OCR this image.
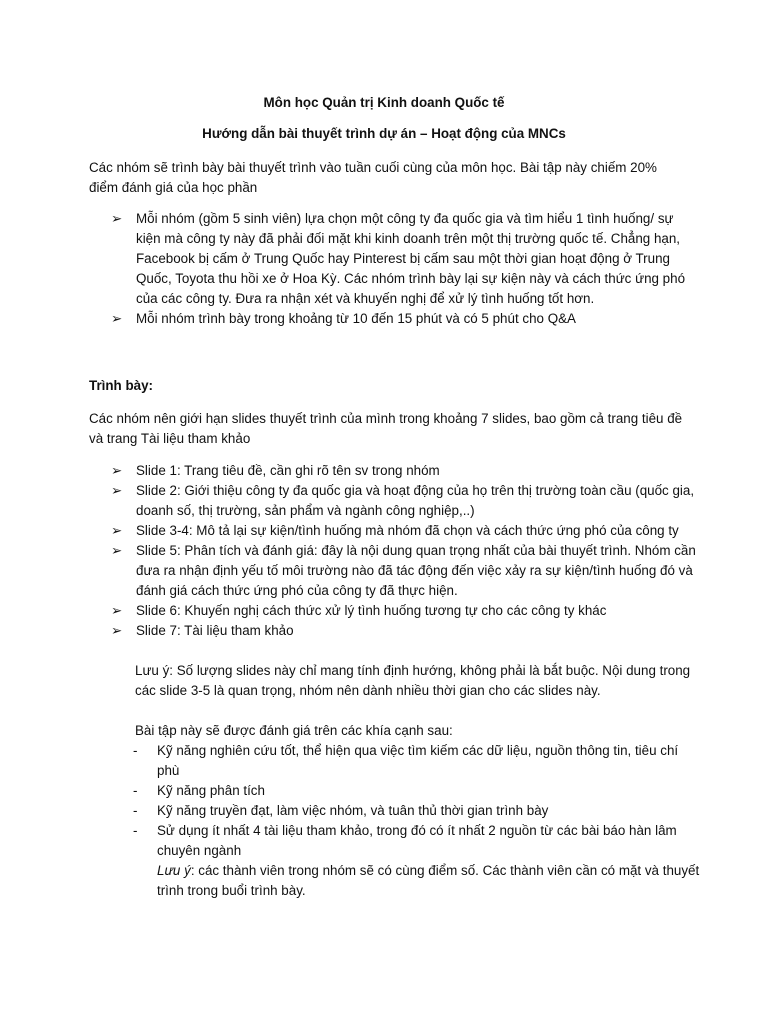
Môn học Quản trị Kinh doanh Quốc tế
Hướng dẫn bài thuyết trình dự án – Hoạt động của MNCs

Các nhóm sẽ trình bày bài thuyết trình vào tuần cuối cùng của môn học. Bài tập này chiếm 20% điểm đánh giá của học phần

➢ Mỗi nhóm (gồm 5 sinh viên) lựa chọn một công ty đa quốc gia và tìm hiểu 1 tình huống/ sự kiện mà công ty này đã phải đối mặt khi kinh doanh trên một thị trường quốc tế. Chẳng hạn, Facebook bị cấm ở Trung Quốc hay Pinterest bị cấm sau một thời gian hoạt động ở Trung Quốc, Toyota thu hồi xe ở Hoa Kỳ. Các nhóm trình bày lại sự kiện này và cách thức ứng phó của các công ty. Đưa ra nhận xét và khuyến nghị để xử lý tình huống tốt hơn.
➢ Mỗi nhóm trình bày trong khoảng từ 10 đến 15 phút và có 5 phút cho Q&A
Trình bày:

Các nhóm nên giới hạn slides thuyết trình của mình trong khoảng 7 slides, bao gồm cả trang tiêu đề và trang Tài liệu tham khảo

➢ Slide 1: Trang tiêu đề, cần ghi rõ tên sv trong nhóm
➢ Slide 2: Giới thiệu công ty đa quốc gia và hoạt động của họ trên thị trường toàn cầu (quốc gia, doanh số, thị trường, sản phẩm và ngành công nghiệp,..)
➢ Slide 3-4: Mô tả lại sự kiện/tình huống mà nhóm đã chọn và cách thức ứng phó của công ty
➢ Slide 5: Phân tích và đánh giá: đây là nội dung quan trọng nhất của bài thuyết trình. Nhóm cần đưa ra nhận định yếu tố môi trường nào đã tác động đến việc xảy ra sự kiện/tình huống đó và đánh giá cách thức ứng phó của công ty đã thực hiện.
➢ Slide 6: Khuyến nghị cách thức xử lý tình huống tương tự cho các công ty khác
➢ Slide 7: Tài liệu tham khảo

Lưu ý: Số lượng slides này chỉ mang tính định hướng, không phải là bắt buộc. Nội dung trong các slide 3-5 là quan trọng, nhóm nên dành nhiều thời gian cho các slides này.

Bài tập này sẽ được đánh giá trên các khía cạnh sau:
- Kỹ năng nghiên cứu tốt, thể hiện qua việc tìm kiếm các dữ liệu, nguồn thông tin, tiêu chí phù
- Kỹ năng phân tích
- Kỹ năng truyền đạt, làm việc nhóm, và tuân thủ thời gian trình bày
- Sử dụng ít nhất 4 tài liệu tham khảo, trong đó có ít nhất 2 nguồn từ các bài báo hàn lâm chuyên ngành
Lưu ý: các thành viên trong nhóm sẽ có cùng điểm số. Các thành viên cần có mặt và thuyết trình trong buổi trình bày.
